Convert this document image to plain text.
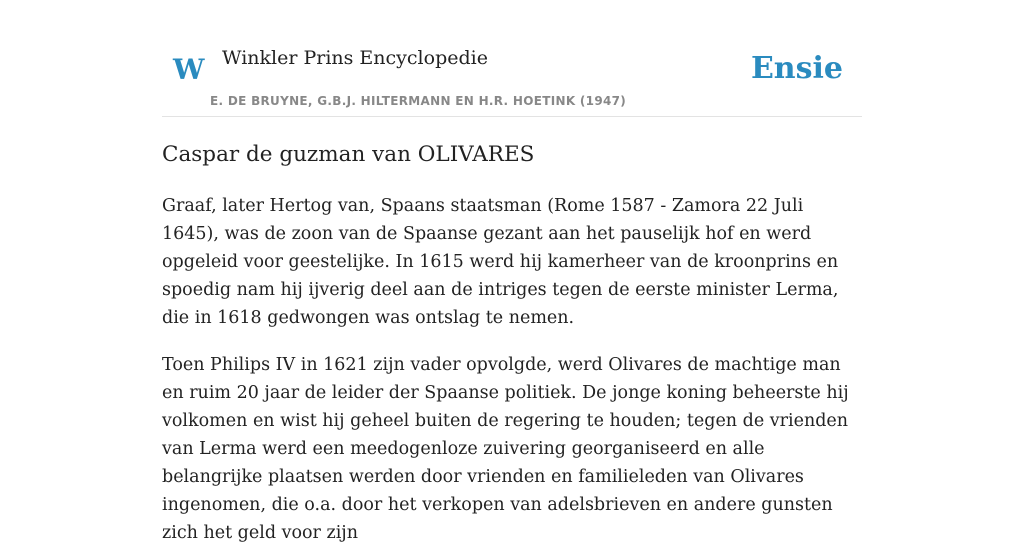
W Winkler Prins Encyclopedie
E. DE BRUYNE, G.B.J. HILTERMANN EN H.R. HOETINK (1947)
Ensie
Caspar de guzman van OLIVARES

Graaf, later Hertog van, Spaans staatsman (Rome 1587 - Zamora 22 Juli 1645), was de zoon van de Spaanse gezant aan het pauselijk hof en werd opgeleid voor geestelijke. In 1615 werd hij kamerheer van de kroonprins en spoedig nam hij ijverig deel aan de intriges tegen de eerste minister Lerma, die in 1618 gedwongen was ontslag te nemen.

Toen Philips IV in 1621 zijn vader opvolgde, werd Olivares de machtige man en ruim 20 jaar de leider der Spaanse politiek. De jonge koning beheerste hij volkomen en wist hij geheel buiten de regering te houden; tegen de vrienden van Lerma werd een meedogenloze zuivering georganiseerd en alle belangrijke plaatsen werden door vrienden en familieleden van Olivares ingenomen, die o.a. door het verkopen van adelsbrieven en andere gunsten zich het geld voor zijn
